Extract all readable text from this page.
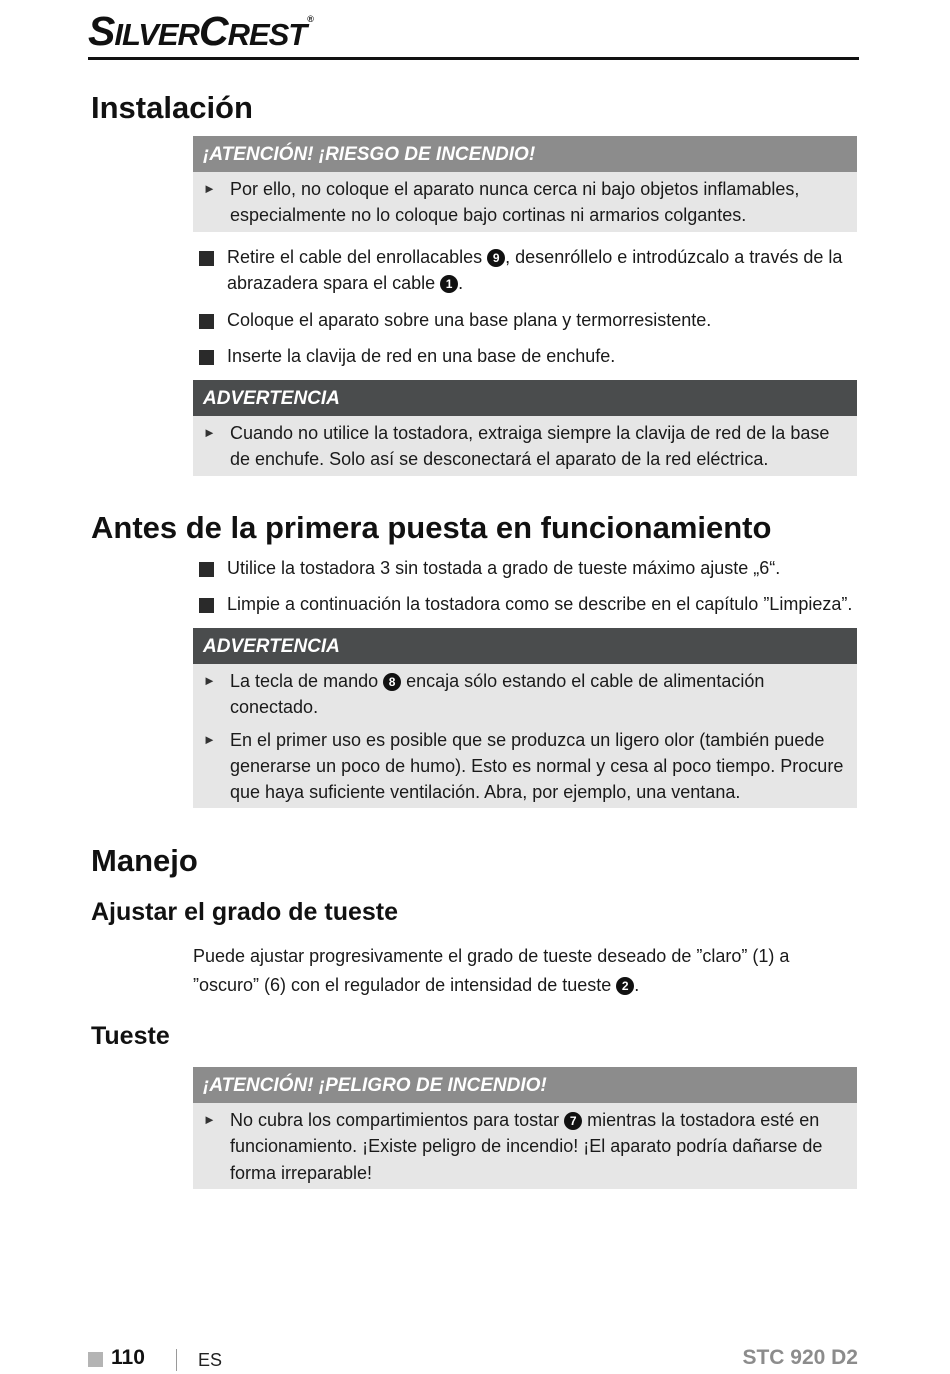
SILVERCREST®
Instalación
¡ATENCIÓN! ¡RIESGO DE INCENDIO!
► Por ello, no coloque el aparato nunca cerca ni bajo objetos inflamables, especialmente no lo coloque bajo cortinas ni armarios colgantes.
Retire el cable del enrollacables 9 , desenróllelo e introdúzcalo a través de la abrazadera spara el cable 1 .
Coloque el aparato sobre una base plana y termorresistente.
Inserte la clavija de red en una base de enchufe.
ADVERTENCIA
► Cuando no utilice la tostadora, extraiga siempre la clavija de red de la base de enchufe. Solo así se desconectará el aparato de la red eléctrica.
Antes de la primera puesta en funcionamiento
Utilice la tostadora 3 sin tostada a grado de tueste máximo ajuste „6“.
Limpie a continuación la tostadora como se describe en el capítulo ”Limpieza”.
ADVERTENCIA
► La tecla de mando 8 encaja sólo estando el cable de alimentación conectado.
► En el primer uso es posible que se produzca un ligero olor (también puede generarse un poco de humo). Esto es normal y cesa al poco tiempo. Procure que haya suficiente ventilación. Abra, por ejemplo, una ventana.
Manejo
Ajustar el grado de tueste
Puede ajustar progresivamente el grado de tueste deseado de ”claro” (1) a ”oscuro” (6) con el regulador de intensidad de tueste 2 .
Tueste
¡ATENCIÓN! ¡PELIGRO DE INCENDIO!
► No cubra los compartimientos para tostar 7 mientras la tostadora esté en funcionamiento. ¡Existe peligro de incendio! ¡El aparato podría dañarse de forma irreparable!
110	ES	STC 920 D2
